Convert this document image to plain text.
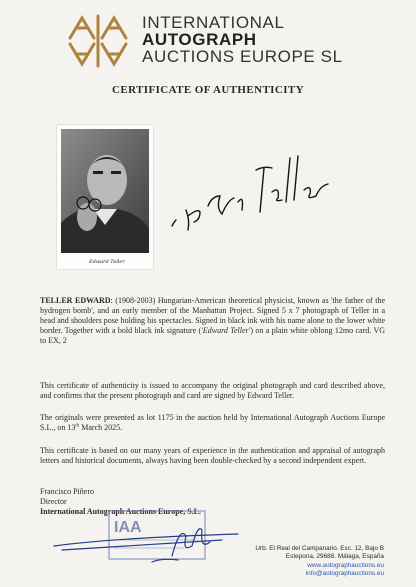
INTERNATIONAL
AUTOGRAPH
AUCTIONS EUROPE SL
CERTIFICATE OF AUTHENTICITY
Edward Teller
TELLER EDWARD: (1908-2003) Hungarian-American theoretical physicist, known as 'the father of the hydrogen bomb', and an early member of the Manhattan Project. Signed 5 x 7 photograph of Teller in a head and shoulders pose holding his spectacles. Signed in black ink with his name alone to the lower white border. Together with a bold black ink signature ('Edward Teller') on a plain white oblong 12mo card. VG to EX, 2
This certificate of authenticity is issued to accompany the original photograph and card described above, and confirms that the present photograph and card are signed by Edward Teller.
The originals were presented as lot 1175 in the auction held by International Autograph Auctions Europe S.L., on 13th March 2025.
This certificate is based on our many years of experience in the authentication and appraisal of autograph letters and historical documents, always having been double-checked by a second independent expert.
Francisco Piñero
Director
International Autograph Auctions Europe, S.L.
IAA
Urb. El Real del Campanario. Esc. 12, Bajo B
Estepona, 29688. Málaga, España
www.autographauctions.eu
info@autographauctions.eu
